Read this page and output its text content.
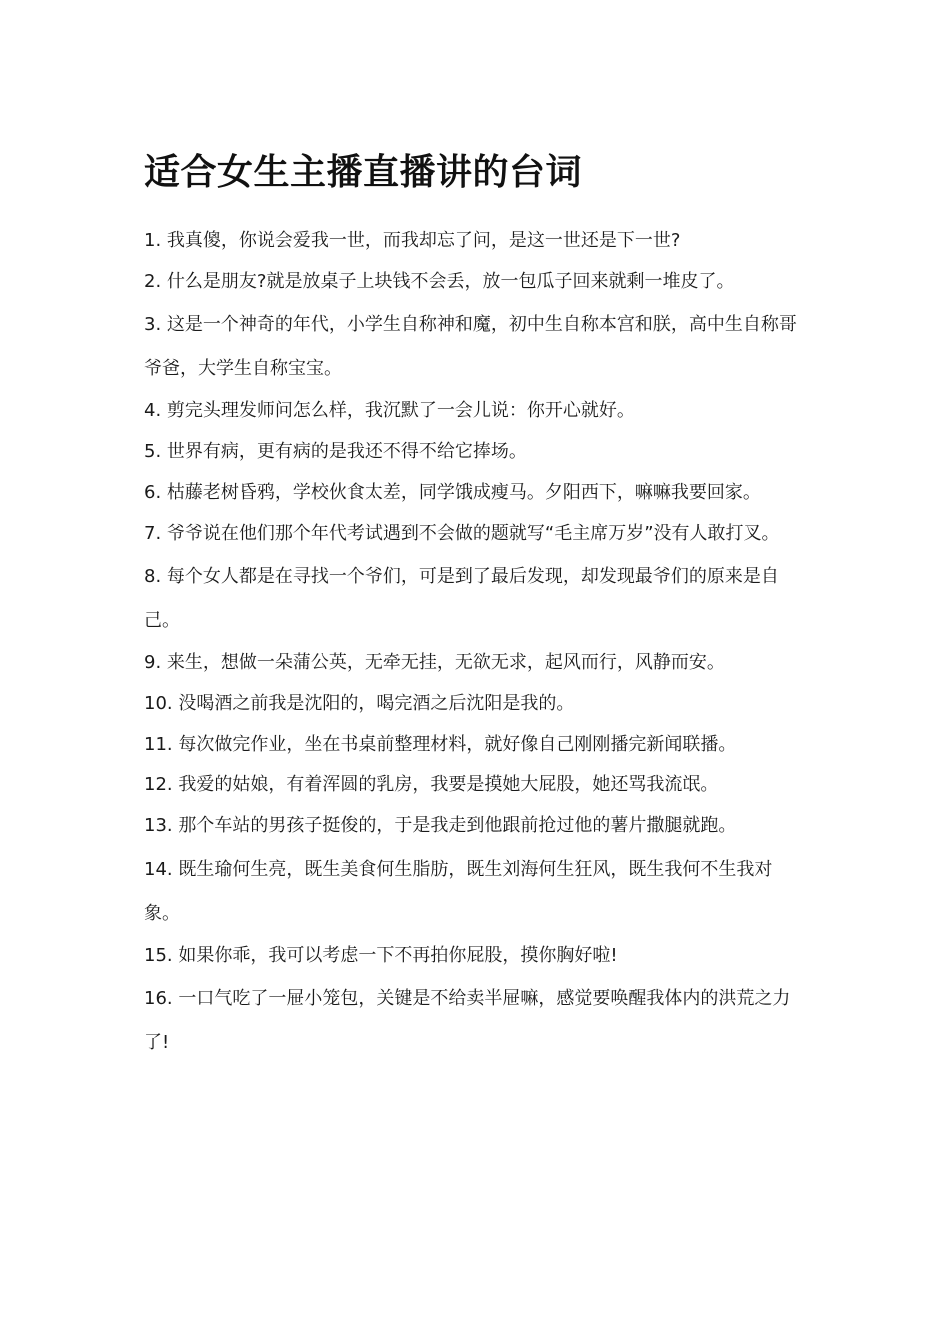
适合女生主播直播讲的台词
1. 我真傻，你说会爱我一世，而我却忘了问，是这一世还是下一世?
2. 什么是朋友?就是放桌子上块钱不会丢，放一包瓜子回来就剩一堆皮了。
3. 这是一个神奇的年代，小学生自称神和魔，初中生自称本宫和朕，高中生自称哥爷爸，大学生自称宝宝。
4. 剪完头理发师问怎么样，我沉默了一会儿说：你开心就好。
5. 世界有病，更有病的是我还不得不给它捧场。
6. 枯藤老树昏鸦，学校伙食太差，同学饿成瘦马。夕阳西下，嘛嘛我要回家。
7. 爷爷说在他们那个年代考试遇到不会做的题就写“毛主席万岁”没有人敢打叉。
8. 每个女人都是在寻找一个爷们，可是到了最后发现，却发现最爷们的原来是自己。
9. 来生，想做一朵蒲公英，无牵无挂，无欲无求，起风而行，风静而安。
10. 没喝酒之前我是沈阳的，喝完酒之后沈阳是我的。
11. 每次做完作业，坐在书桌前整理材料，就好像自己刚刚播完新闻联播。
12. 我爱的姑娘，有着浑圆的乳房，我要是摸她大屁股，她还骂我流氓。
13. 那个车站的男孩子挺俊的，于是我走到他跟前抢过他的薯片撒腿就跑。
14. 既生瑜何生亮，既生美食何生脂肪，既生刘海何生狂风，既生我何不生我对象。
15. 如果你乖，我可以考虑一下不再拍你屁股，摸你胸好啦!
16. 一口气吃了一屉小笼包，关键是不给卖半屉嘛，感觉要唤醒我体内的洪荒之力了!
